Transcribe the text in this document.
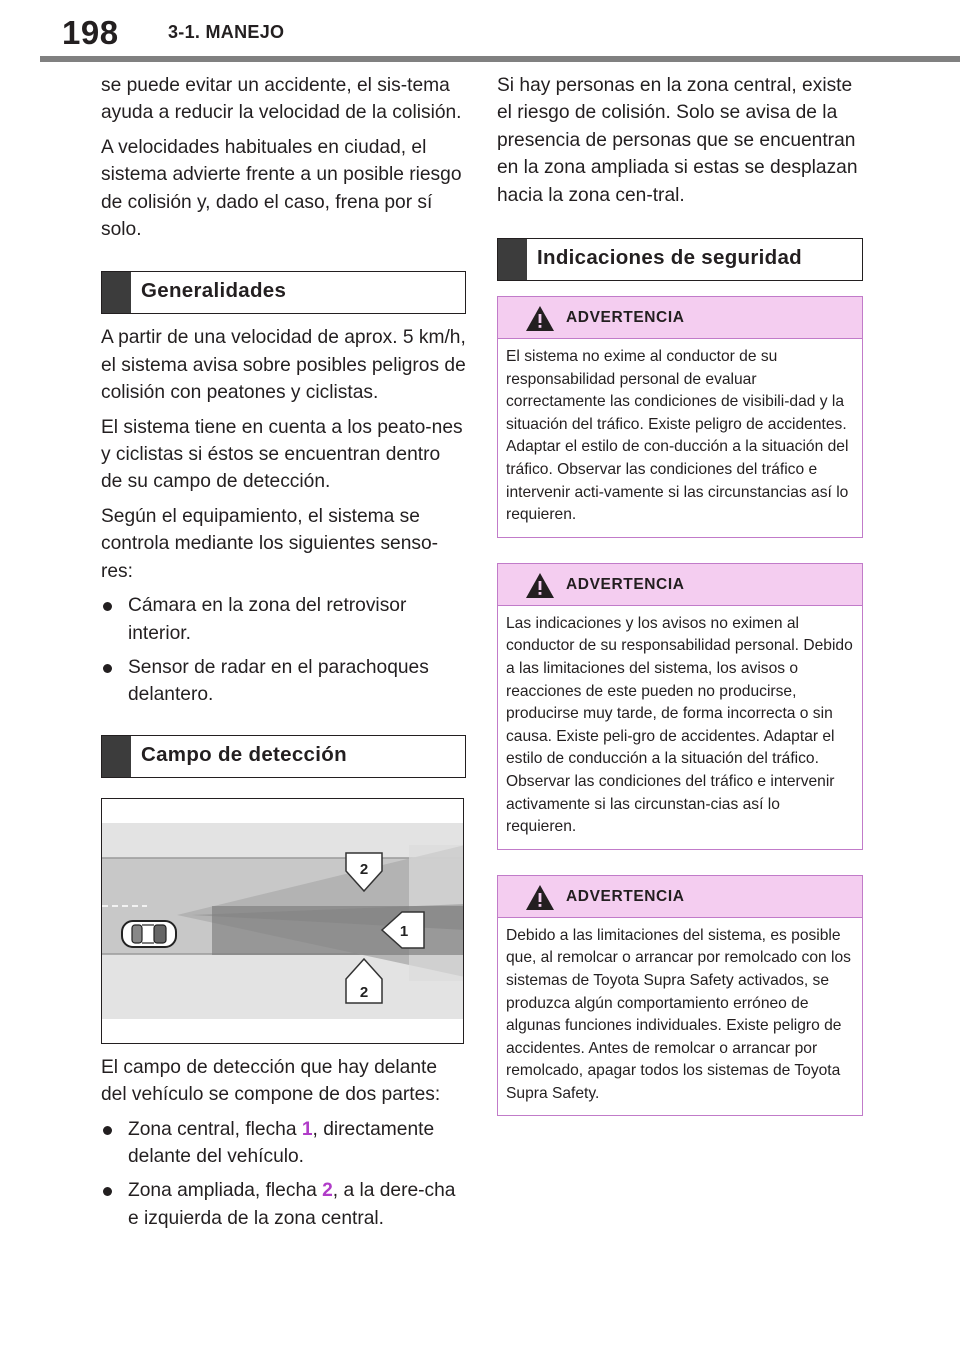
198	3-1. MANEJO
se puede evitar un accidente, el sis-tema ayuda a reducir la velocidad de la colisión.
A velocidades habituales en ciudad, el sistema advierte frente a un posible riesgo de colisión y, dado el caso, frena por sí solo.
Generalidades
A partir de una velocidad de aprox. 5 km/h, el sistema avisa sobre posibles peligros de colisión con peatones y ciclistas.
El sistema tiene en cuenta a los peato-nes y ciclistas si éstos se encuentran dentro de su campo de detección.
Según el equipamiento, el sistema se controla mediante los siguientes senso-res:
Cámara en la zona del retrovisor interior.
Sensor de radar en el parachoques delantero.
Campo de detección
2
1
2
El campo de detección que hay delante del vehículo se compone de dos partes:
Zona central, flecha 1, directamente delante del vehículo.
Zona ampliada, flecha 2, a la dere-cha e izquierda de la zona central.
Si hay personas en la zona central, existe el riesgo de colisión. Solo se avisa de la presencia de personas que se encuentran en la zona ampliada si estas se desplazan hacia la zona cen-tral.
Indicaciones de seguridad
ADVERTENCIA
El sistema no exime al conductor de su responsabilidad personal de evaluar correctamente las condiciones de visibili-dad y la situación del tráfico. Existe peligro de accidentes. Adaptar el estilo de con-ducción a la situación del tráfico. Observar las condiciones del tráfico e intervenir acti-vamente si las circunstancias así lo requieren.
ADVERTENCIA
Las indicaciones y los avisos no eximen al conductor de su responsabilidad personal. Debido a las limitaciones del sistema, los avisos o reacciones de este pueden no producirse, producirse muy tarde, de forma incorrecta o sin causa. Existe peli-gro de accidentes. Adaptar el estilo de conducción a la situación del tráfico. Observar las condiciones del tráfico e intervenir activamente si las circunstan-cias así lo requieren.
ADVERTENCIA
Debido a las limitaciones del sistema, es posible que, al remolcar o arrancar por remolcado con los sistemas de Toyota Supra Safety activados, se produzca algún comportamiento erróneo de algunas funciones individuales. Existe peligro de accidentes. Antes de remolcar o arrancar por remolcado, apagar todos los sistemas de Toyota Supra Safety.
